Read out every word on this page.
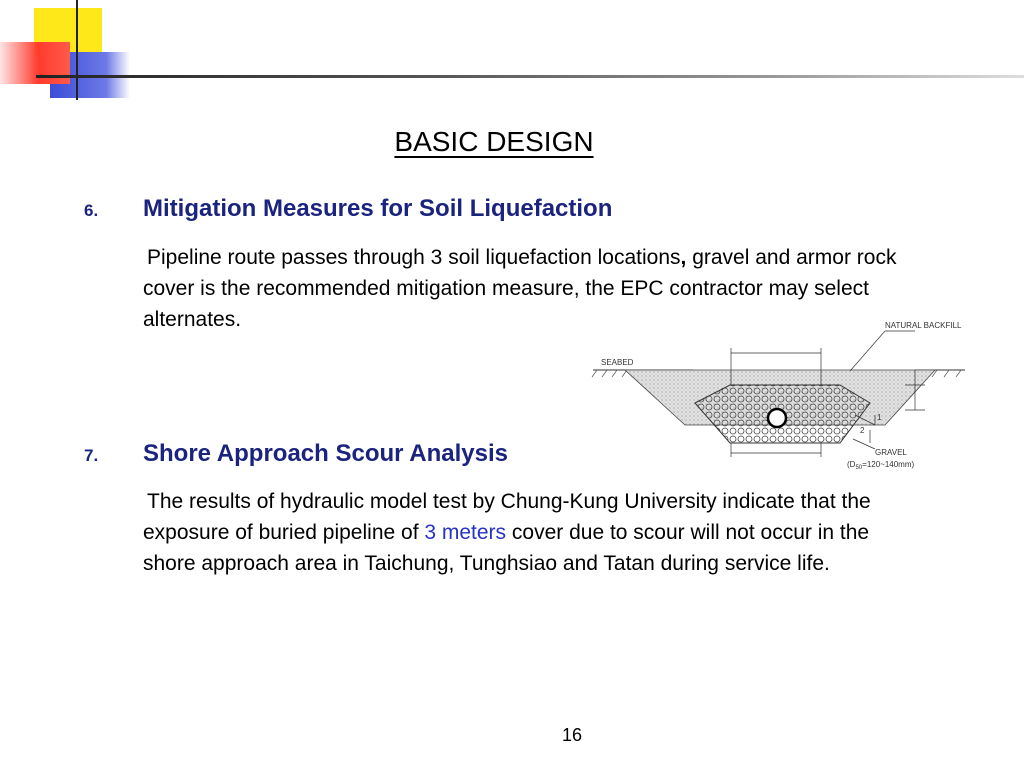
BASIC DESIGN
6. Mitigation Measures for Soil Liquefaction
Pipeline route passes through 3 soil liquefaction locations, gravel and armor rock cover is the recommended mitigation measure, the EPC contractor may select alternates.
7. Shore Approach Scour Analysis
The results of hydraulic model test by Chung-Kung University indicate that the exposure of buried pipeline of 3 meters cover due to scour will not occur in the shore approach area in Taichung, Tunghsiao and Tatan during service life.
NATURAL BACKFILL
SEABED
1
2
GRAVEL
$(D_{50}=120\sim 140mm)$
16
